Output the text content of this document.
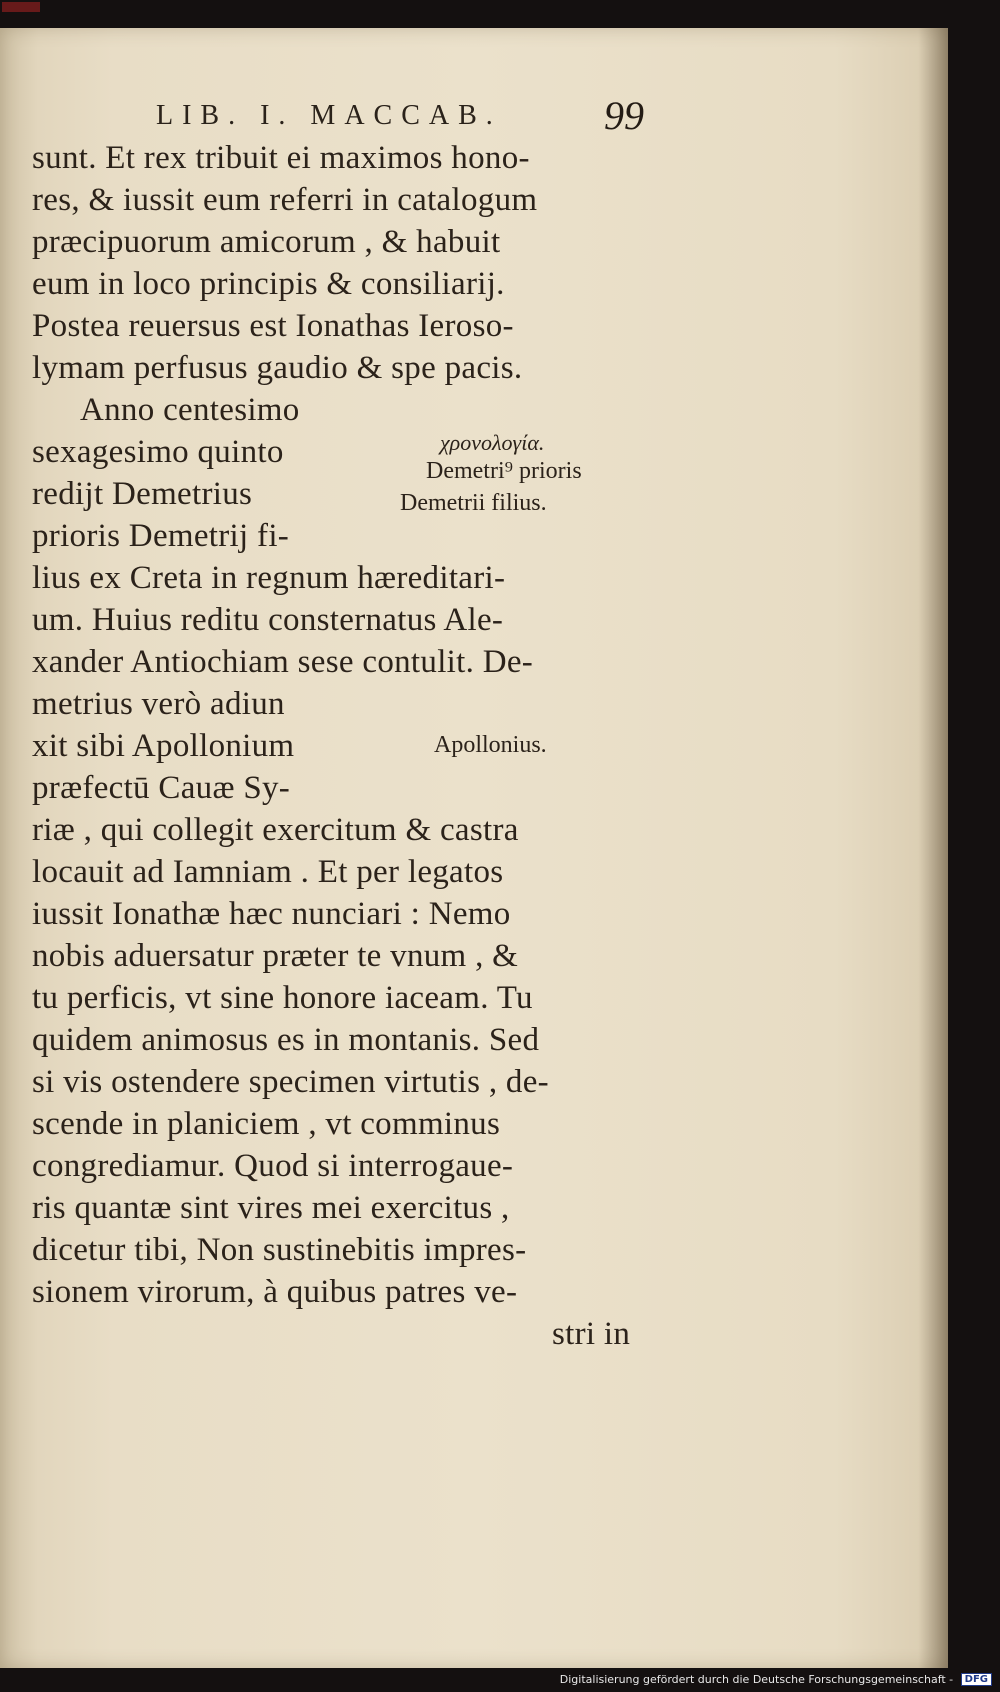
LIB. I. MACCAB.	99
sunt. Et rex tribuit ei maximos hono-
res, & iussit eum referri in catalogum
præcipuorum amicorum , & habuit
eum in loco principis & consiliarij.
Postea reuersus est Ionathas Ieroso-
lymam perfusus gaudio & spe pacis.
Anno centesimo
sexagesimo quinto
redijt Demetrius
prioris Demetrij fi-
lius ex Creta in regnum hæreditari-
um. Huius reditu consternatus Ale-
xander Antiochiam sese contulit. De-
metrius verò adiun
xit sibi Apollonium
præfectū Cauæ Sy-
riæ , qui collegit exercitum & castra
locauit ad Iamniam . Et per legatos
iussit Ionathæ hæc nunciari : Nemo
nobis aduersatur præter te vnum , &
tu perficis, vt sine honore iaceam. Tu
quidem animosus es in montanis. Sed
si vis ostendere specimen virtutis , de-
scende in planiciem , vt comminus
congrediamur. Quod si interrogaue-
ris quantæ sint vires mei exercitus ,
dicetur tibi, Non sustinebitis impres-
sionem virorum, à quibus patres ve-
stri in
χρονολογία.
Demetri⁹ prioris
Demetrii filius.
Apollonius.
Digitalisierung gefördert durch die Deutsche Forschungsgemeinschaft - DFG
